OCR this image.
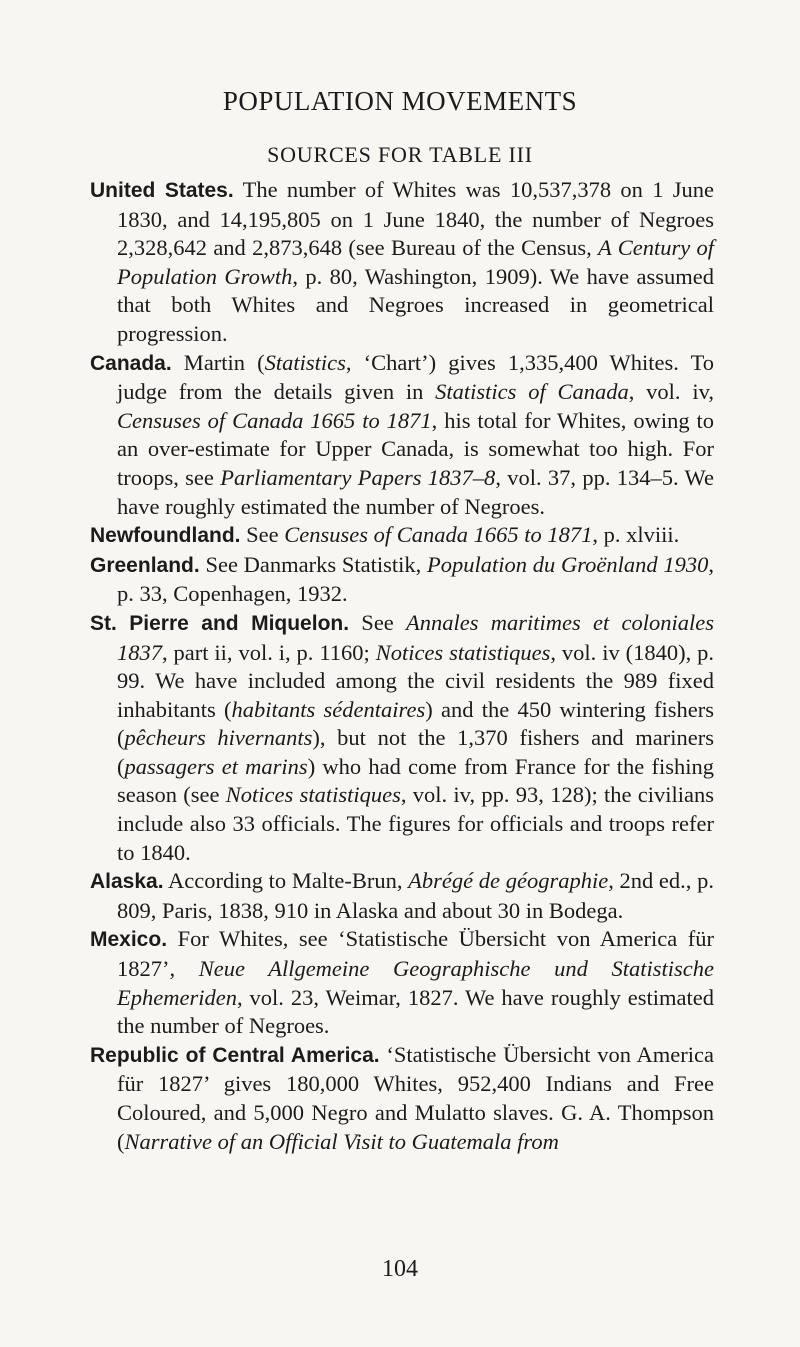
POPULATION MOVEMENTS
SOURCES FOR TABLE III

United States. The number of Whites was 10,537,378 on 1 June 1830, and 14,195,805 on 1 June 1840, the number of Negroes 2,328,642 and 2,873,648 (see Bureau of the Census, A Century of Population Growth, p. 80, Washington, 1909). We have assumed that both Whites and Negroes increased in geometrical progression.

Canada. Martin (Statistics, ‘Chart’) gives 1,335,400 Whites. To judge from the details given in Statistics of Canada, vol. iv, Censuses of Canada 1665 to 1871, his total for Whites, owing to an over-estimate for Upper Canada, is somewhat too high. For troops, see Parliamentary Papers 1837–8, vol. 37, pp. 134–5. We have roughly estimated the number of Negroes.

Newfoundland. See Censuses of Canada 1665 to 1871, p. xlviii.

Greenland. See Danmarks Statistik, Population du Groënland 1930, p. 33, Copenhagen, 1932.

St. Pierre and Miquelon. See Annales maritimes et coloniales 1837, part ii, vol. i, p. 1160; Notices statistiques, vol. iv (1840), p. 99. We have included among the civil residents the 989 fixed inhabitants (habitants sédentaires) and the 450 wintering fishers (pêcheurs hivernants), but not the 1,370 fishers and mariners (passagers et marins) who had come from France for the fishing season (see Notices statistiques, vol. iv, pp. 93, 128); the civilians include also 33 officials. The figures for officials and troops refer to 1840.

Alaska. According to Malte-Brun, Abrégé de géographie, 2nd ed., p. 809, Paris, 1838, 910 in Alaska and about 30 in Bodega.

Mexico. For Whites, see ‘Statistische Übersicht von America für 1827’, Neue Allgemeine Geographische und Statistische Ephemeriden, vol. 23, Weimar, 1827. We have roughly estimated the number of Negroes.

Republic of Central America. ‘Statistische Übersicht von America für 1827’ gives 180,000 Whites, 952,400 Indians and Free Coloured, and 5,000 Negro and Mulatto slaves. G. A. Thompson (Narrative of an Official Visit to Guatemala from

104
